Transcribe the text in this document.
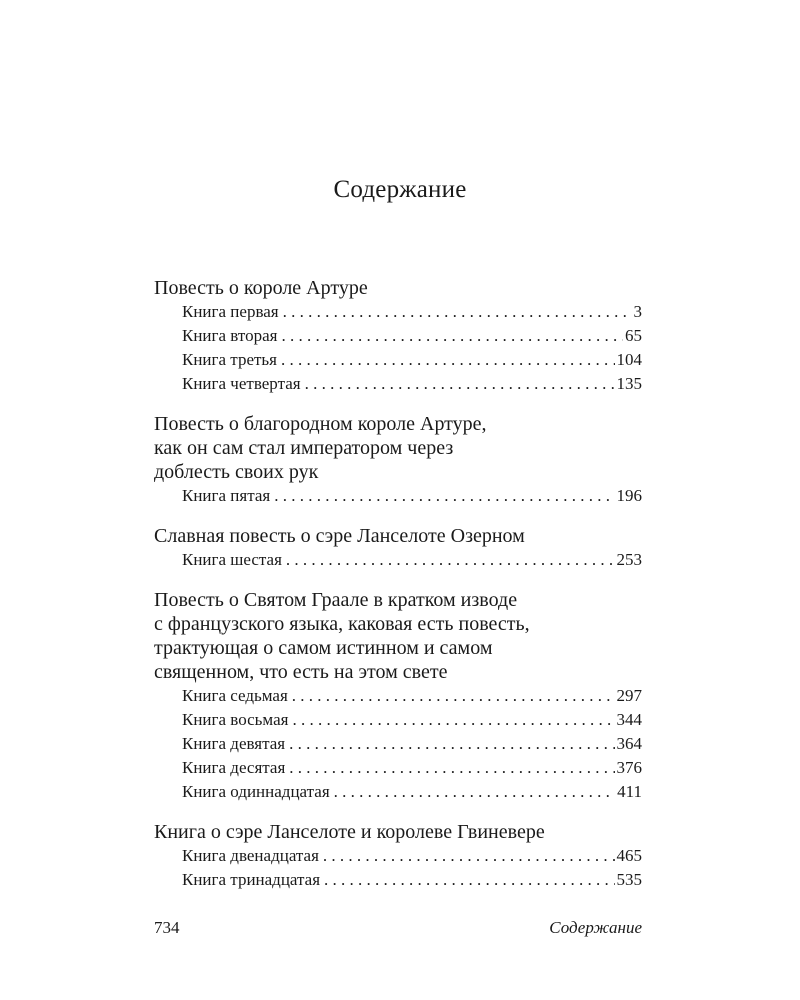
Содержание
Повесть о короле Артуре
Книга первая . . .	3
Книга вторая . . .	65
Книга третья . . .	104
Книга четвертая . . .	135
Повесть о благородном короле Артуре,
как он сам стал императором через
доблесть своих рук
Книга пятая . . .	196
Славная повесть о сэре Ланселоте Озерном
Книга шестая . . .	253
Повесть о Святом Граале в кратком изводе
с французского языка, каковая есть повесть,
трактующая о самом истинном и самом
священном, что есть на этом свете
Книга седьмая . . .	297
Книга восьмая . . .	344
Книга девятая . . .	364
Книга десятая . . .	376
Книга одиннадцатая . . .	411
Книга о сэре Ланселоте и королеве Гвиневере
Книга двенадцатая . . .	465
Книга тринадцатая . . .	535
734	Содержание
